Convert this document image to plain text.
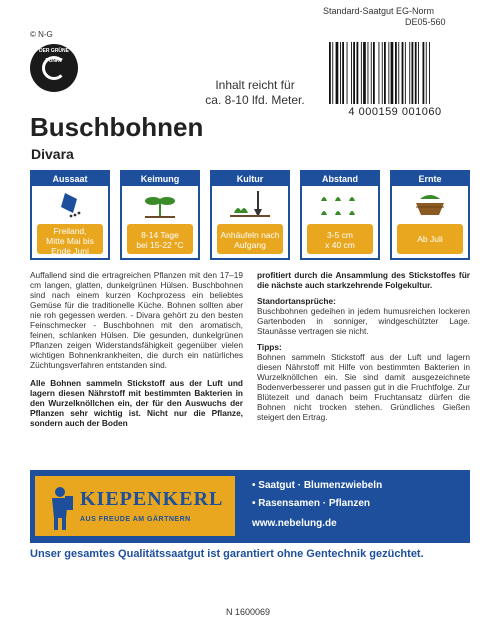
Standard-Saatgut EG-Norm
DE05-560
© N-G
DER GRÜNE PUNKT
Inhalt reicht für
ca. 8-10 lfd. Meter.
4 000159 001060
Buschbohnen
Divara
Aussaat
Freiland,
Mitte Mai bis
Ende Juni
Keimung
8-14 Tage
bei 15-22 °C
Kultur
Anhäufeln nach
Aufgang
Abstand
3-5 cm
x 40 cm
Ernte
Ab Juli

Auffallend sind die ertragreichen Pflanzen mit den 17–19 cm langen, glatten, dunkelgrünen Hülsen. Buschbohnen sind nach einem kurzen Kochprozess ein beliebtes Gemüse für die traditionelle Küche. Bohnen sollten aber nie roh gegessen werden. - Divara gehört zu den besten Feinschmecker - Buschbohnen mit den aromatisch, feinen, schlanken Hülsen. Die gesunden, dunkelgrünen Pflanzen zeigen Widerstandsfähigkeit gegenüber vielen wichtigen Bohnenkrankheiten, die durch ein natürliches Züchtungsverfahren entstanden sind.

Alle Bohnen sammeln Stickstoff aus der Luft und lagern diesen Nährstoff mit bestimmten Bakterien in den Wurzelknöllchen ein, der für den Auswuchs der Pflanzen sehr wichtig ist. Nicht nur die Pflanze, sondern auch der Boden

profitiert durch die Ansammlung des Stickstoffes für die nächste auch starkzehrende Folgekultur.

Standortansprüche:

Buschbohnen gedeihen in jedem humusreichen lockeren Gartenboden in sonniger, windgeschützter Lage. Staunässe vertragen sie nicht.

Tipps:

Bohnen sammeln Stickstoff aus der Luft und lagern diesen Nährstoff mit Hilfe von bestimmten Bakterien in Wurzelknöllchen ein. Sie sind damit ausgezeichnete Bodenverbesserer und passen gut in die Fruchtfolge. Zur Blütezeit und danach beim Fruchtansatz dürfen die Bohnen nicht trocken stehen. Gründliches Gießen steigert den Ertrag.

KIEPENKERL
AUS FREUDE AM GÄRTNERN
• Saatgut · Blumenzwiebeln
• Rasensamen · Pflanzen
www.nebelung.de
Unser gesamtes Qualitätssaatgut ist garantiert ohne Gentechnik gezüchtet.
N 1600069
